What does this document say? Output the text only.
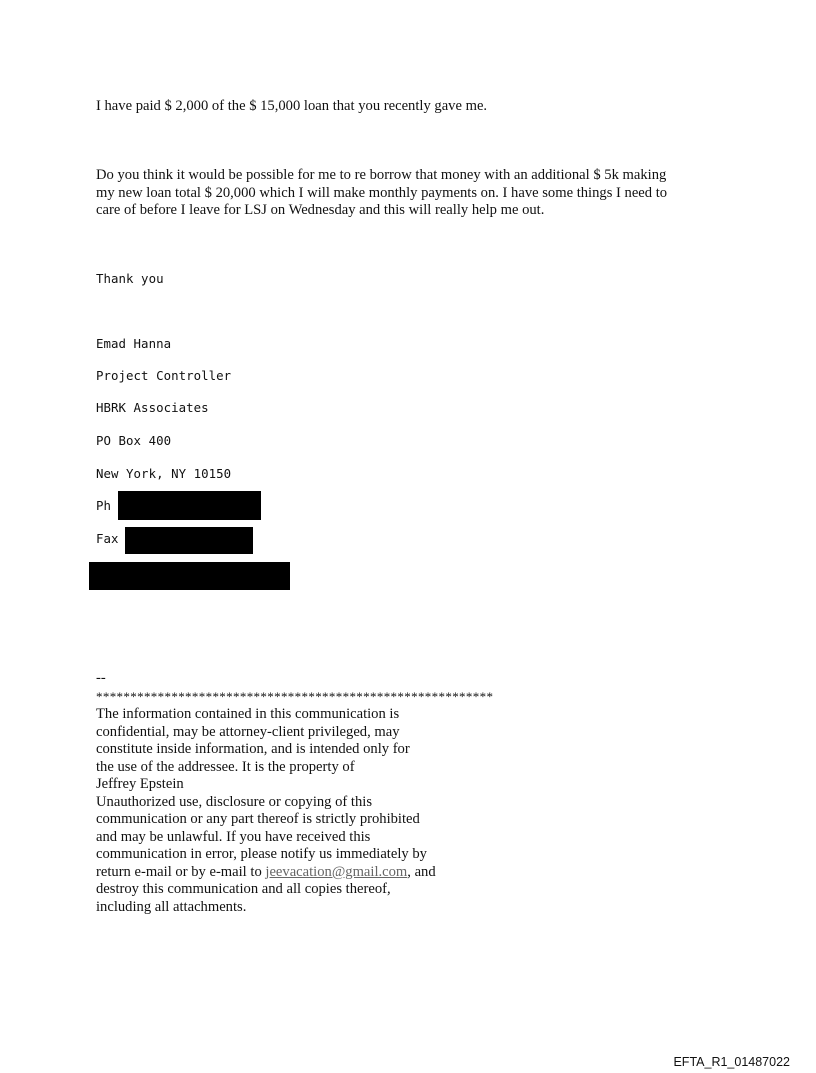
I have paid $ 2,000 of the $ 15,000 loan that you recently gave me.
Do you think it would be possible for me to re borrow that money with an additional $ 5k making
my new loan total $ 20,000 which I will make monthly payments on. I have some things I need to
care of before I leave for LSJ on Wednesday and this will really help me out.
Thank you
Emad Hanna
Project Controller
HBRK Associates
PO Box 400
New York, NY 10150
Ph
Fax
--
**********************************************************
The information contained in this communication is
confidential, may be attorney-client privileged, may
constitute inside information, and is intended only for
the use of the addressee. It is the property of
Jeffrey Epstein
Unauthorized use, disclosure or copying of this
communication or any part thereof is strictly prohibited
and may be unlawful. If you have received this
communication in error, please notify us immediately by
return e-mail or by e-mail to jeevacation@gmail.com, and
destroy this communication and all copies thereof,
including all attachments.
EFTA_R1_01487022
